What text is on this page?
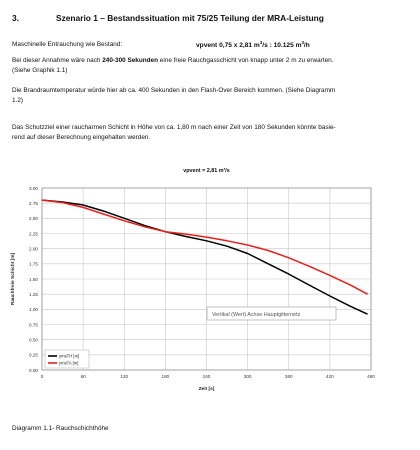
3.	Szenario 1 – Bestandssituation mit 75/25 Teilung der MRA-Leistung
Maschinelle Entrauchung wie Bestand:	vpvent 0,75 x 2,81 $m^3/s$ : 10.125 $m^3/h$
Bei dieser Annahme wäre nach 240-300 Sekunden eine freie Rauchgasschicht von knapp unter 2 m zu erwarten.
(Siehe Graphik 1.1)
Die Brandraumtemperatur würde hier ab ca. 400 Sekunden in den Flash-Over Bereich kommen. (Siehe Diagramm
1.2)
Das Schutzziel einer raucharmen Schicht in Höhe von ca. 1,80 m nach einer Zeit von 180 Sekunden könnte basie-
rend auf dieser Berechnung eingehalten werden.
vpvent = 2,81 m³/s
0.00
0.25
0.50
0.75
1.00
1.25
1.50
1.75
2.00
2.25
2.50
2.75
3.00
0	60	120	180	240	300	360	420	480
Zeit [s]
Rauchfreie Schicht [m]
ymsTH [m]
ymsTA [m]
Vertikal (Wert) Achse Hauptgitternetz
Diagramm 1.1- Rauchschichthöhe
